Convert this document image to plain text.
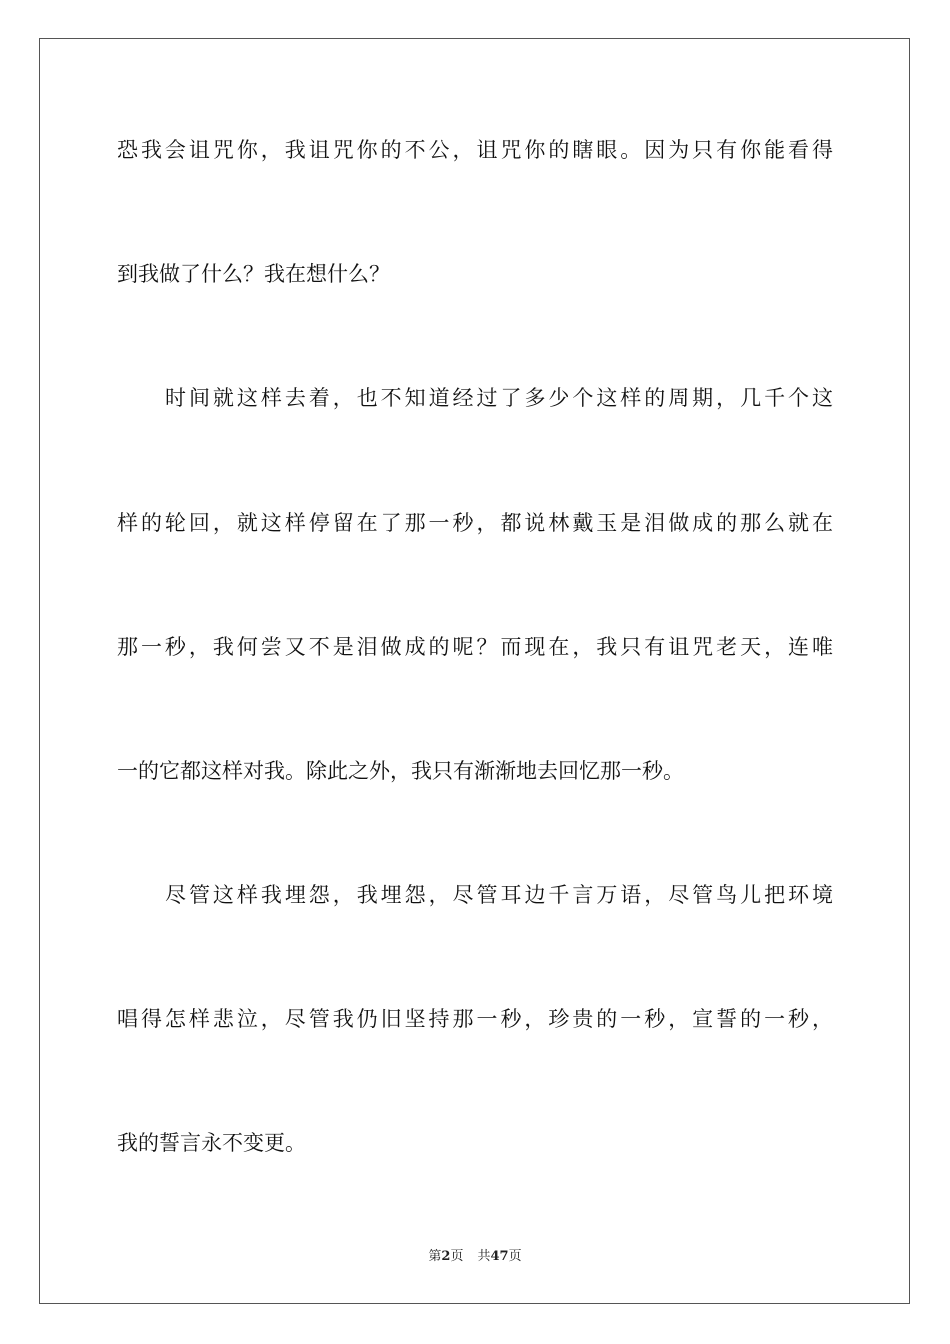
恐我会诅咒你，我诅咒你的不公，诅咒你的瞎眼。因为只有你能看得
到我做了什么？我在想什么？
时间就这样去着，也不知道经过了多少个这样的周期，几千个这
样的轮回，就这样停留在了那一秒，都说林戴玉是泪做成的那么就在
那一秒，我何尝又不是泪做成的呢？而现在，我只有诅咒老天，连唯
一的它都这样对我。除此之外，我只有渐渐地去回忆那一秒。
尽管这样我埋怨，我埋怨，尽管耳边千言万语，尽管鸟儿把环境
唱得怎样悲泣，尽管我仍旧坚持那一秒，珍贵的一秒，宣誓的一秒，
我的誓言永不变更。
第2页 共47页
